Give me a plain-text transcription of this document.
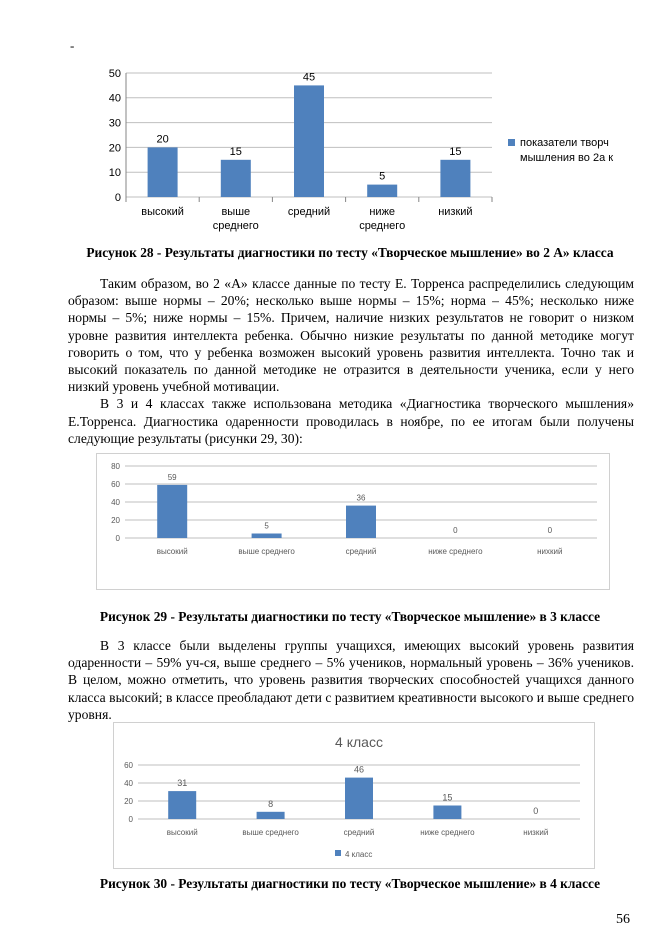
-
0
10
20
30
40
50
20
высокий
15
выше
среднего
45
средний
5
ниже
среднего
15
низкий
показатели творч
мышления во 2а к
Рисунок 28 - Результаты диагностики по тесту «Творческое мышление» во 2 А» класса

Таким образом, во 2 «А» классе данные по тесту Е. Торренса распределились следующим образом: выше нормы – 20%; несколько выше нормы – 15%; норма – 45%; несколько ниже нормы – 5%; ниже нормы – 15%. Причем, наличие низких результатов не говорит о низком уровне развития интеллекта ребенка. Обычно низкие результаты по данной методике могут говорить о том, что у ребенка возможен высокий уровень развития интеллекта. Точно так и высокий показатель по данной методике не отразится в деятельности ученика, если у него низкий уровень учебной мотивации.

В 3 и 4 классах также использована методика «Диагностика творческого мышления» Е.Торренса. Диагностика одаренности проводилась в ноябре, по ее итогам были получены следующие результаты (рисунки 29, 30):

0
20
40
60
80
59
высокий
5
выше среднего
36
средний
0
ниже среднего
0
нихкий
Рисунок 29 - Результаты диагностики по тесту «Творческое мышление» в 3 классе

В 3 классе были выделены группы учащихся, имеющих высокий уровень развития одаренности – 59% уч-ся, выше среднего – 5% учеников, нормальный уровень – 36% учеников. В целом, можно отметить, что уровень развития творческих способностей учащихся данного класса высокий; в классе преобладают дети с развитием креативности высокого и выше среднего уровня.

0
20
40
60
31
высокий
8
выше среднего
46
средний
15
ниже среднего
0
низкий
4 класс
4 класс
Рисунок 30 - Результаты диагностики по тесту «Творческое мышление» в 4 классе
56
